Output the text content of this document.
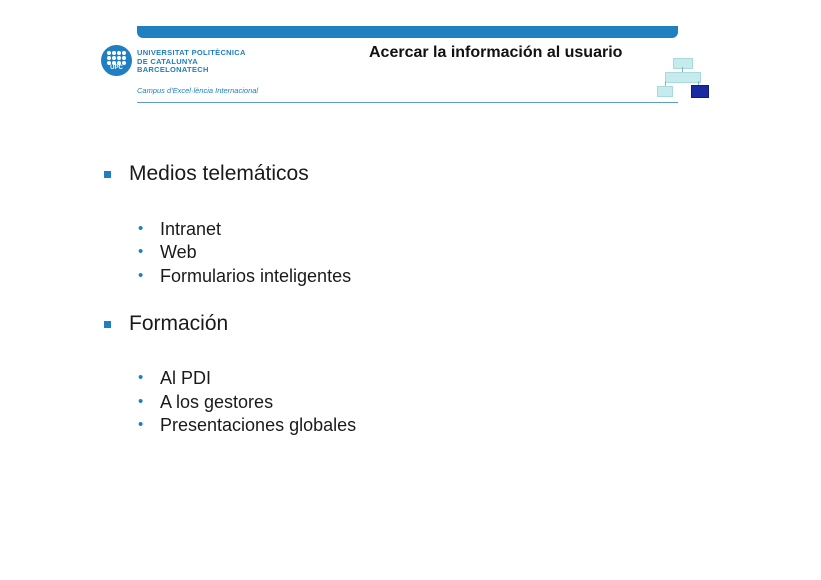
UPC
UNIVERSITAT POLITÈCNICA
DE CATALUNYA
BARCELONATECH
Campus d'Excel·lència Internacional
Acercar la información al usuario
Medios telemáticos
• Intranet
• Web
• Formularios inteligentes
Formación
• Al PDI
• A los gestores
• Presentaciones globales
